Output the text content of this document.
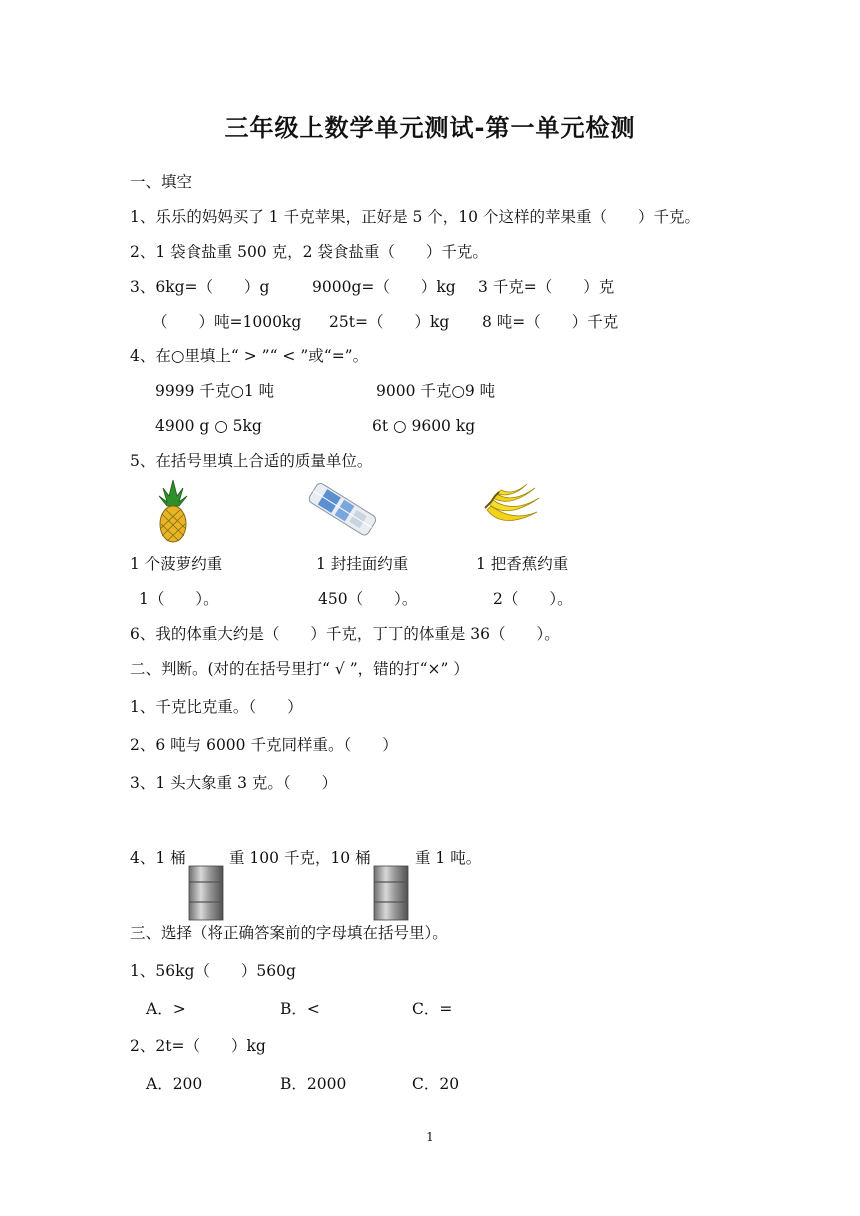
三年级上数学单元测试-第一单元检测
一、填空
1、乐乐的妈妈买了 1 千克苹果，正好是 5 个，10 个这样的苹果重（　　）千克。
2、1 袋食盐重 500 克，2 袋食盐重（　　）千克。
3、6kg=（　　）g	9000g=（　　）kg 3 千克=（　　）克
（　　）吨=1000kg 25t=（　　）kg 8 吨=（　　）千克
4、在○里填上“ > ”“ < ”或“=”。
9999 千克○1 吨	9000 千克○9 吨
4900 g ○ 5kg	6t ○ 9600 kg
5、在括号里填上合适的质量单位。
1 个菠萝约重	1 封挂面约重	1 把香蕉约重
1（　　）。	450（　　）。	2（　　）。
6、我的体重大约是（　　）千克，丁丁的体重是 36（　　）。
二、判断。(对的在括号里打“ √ ”，错的打“×” ）
1、千克比克重。（　　）
2、6 吨与 6000 千克同样重。（　　）
3、1 头大象重 3 克。（　　）
4、1 桶	重 100 千克，10 桶	重 1 吨。
三、选择（将正确答案前的字母填在括号里）。
1、56kg（　　）560g
A．>	B．<	C．=
2、2t=（　　）kg
A．200	B．2000	C．20
1
